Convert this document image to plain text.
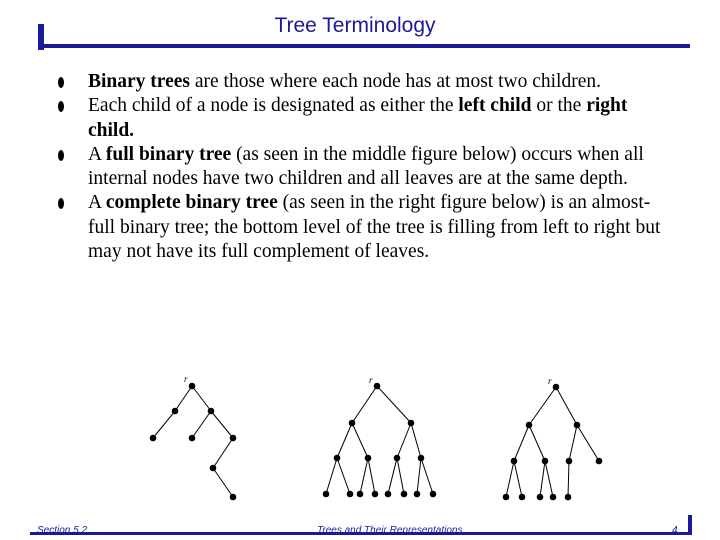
Tree Terminology
Binary trees are those where each node has at most two children.
Each child of a node is designated as either the left child or the right child.
A full binary tree (as seen in the middle figure below) occurs when all internal nodes have two children and all leaves are at the same depth.
A complete binary tree (as seen in the right figure below) is an almost-full binary tree; the bottom level of the tree is filling from left to right but may not have its full complement of leaves.
r	r	r
Section 5.2	Trees and Their Representations	4
